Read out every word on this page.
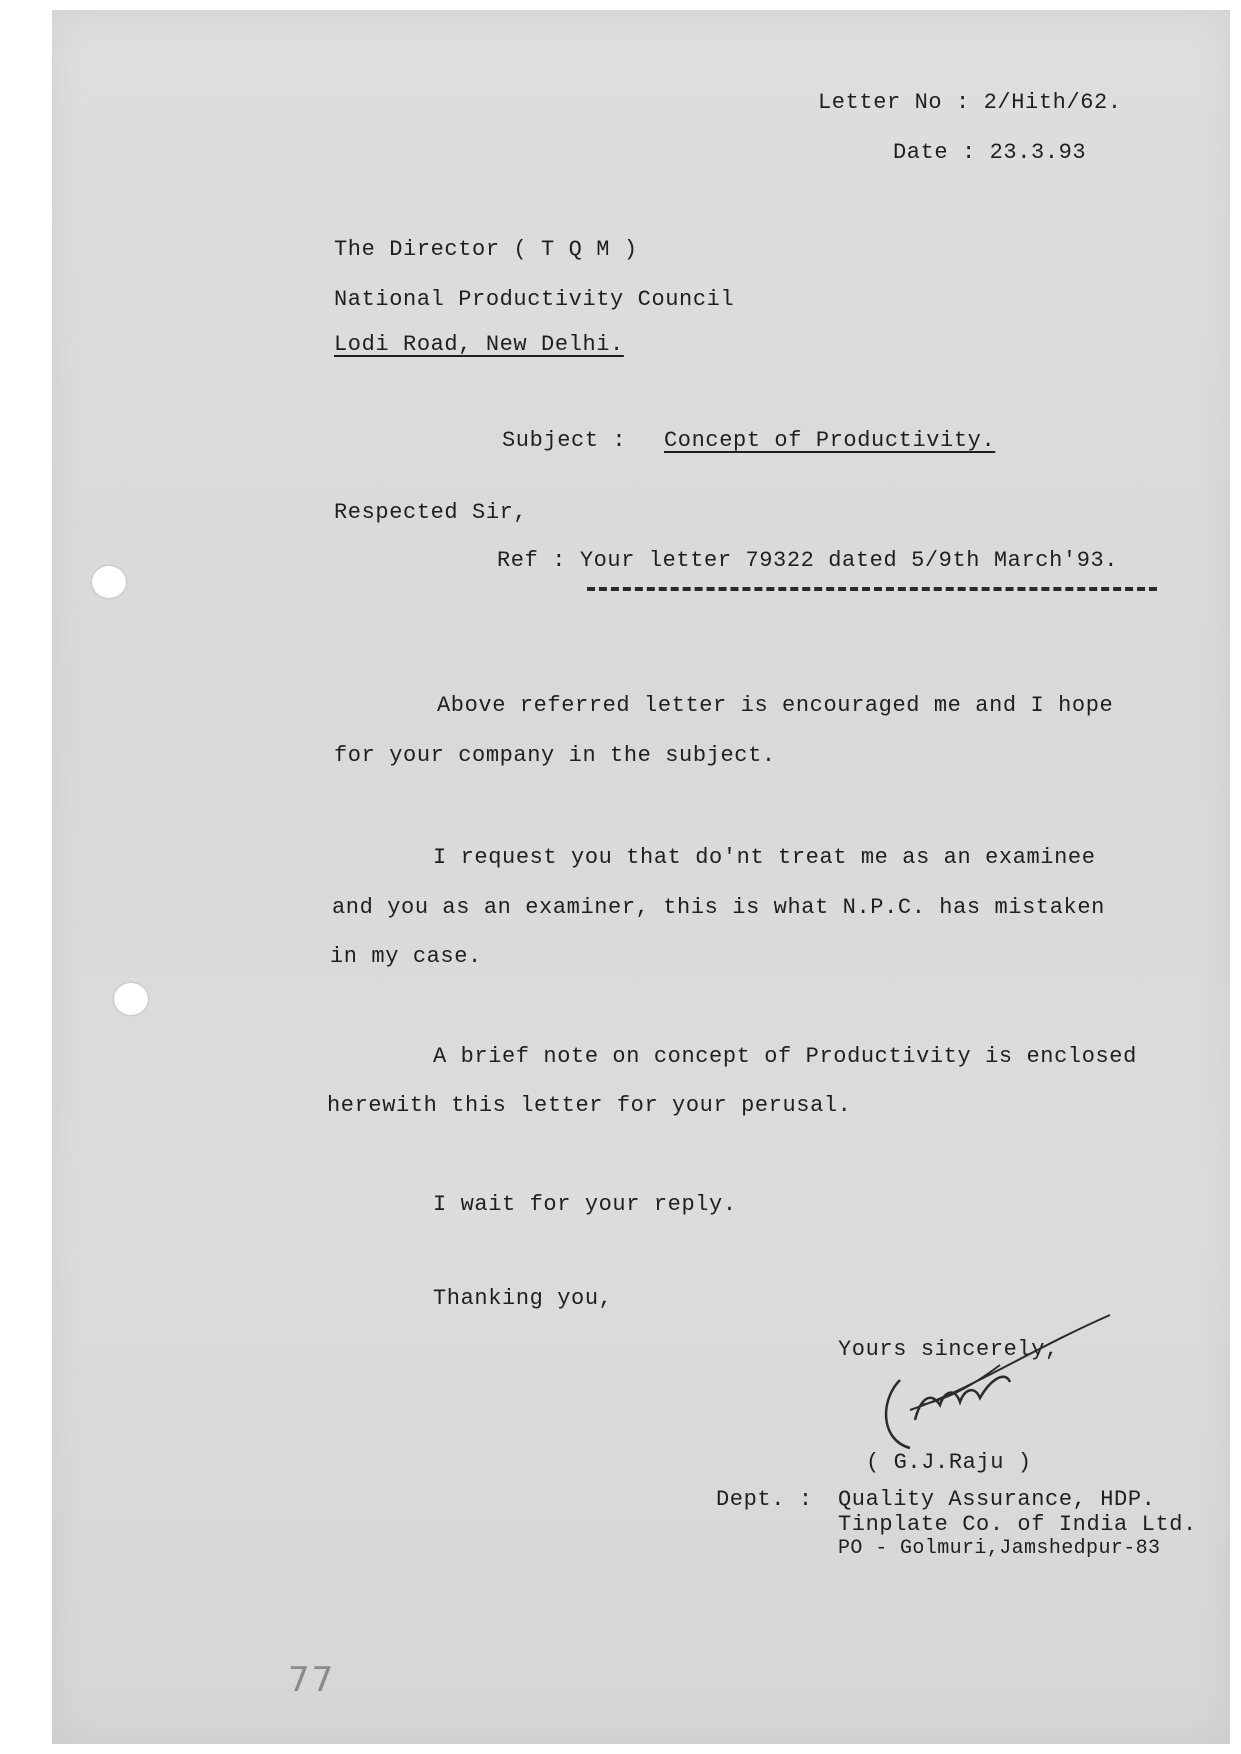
Letter No : 2/Hith/62.
Date : 23.3.93
The Director ( T Q M )
National Productivity Council
Lodi Road, New Delhi.
Subject : Concept of Productivity.
Respected Sir,
Ref : Your letter 79322 dated 5/9th March'93.
Above referred letter is encouraged me and I hope
for your company in the subject.
I request you that do'nt treat me as an examinee
and you as an examiner, this is what N.P.C. has mistaken
in my case.
A brief note on concept of Productivity is enclosed
herewith this letter for your perusal.
I wait for your reply.
Thanking you,
Yours sincerely,
( G.J.Raju )
Dept. : Quality Assurance, HDP.
Tinplate Co. of India Ltd.
PO - Golmuri,Jamshedpur-83
77
